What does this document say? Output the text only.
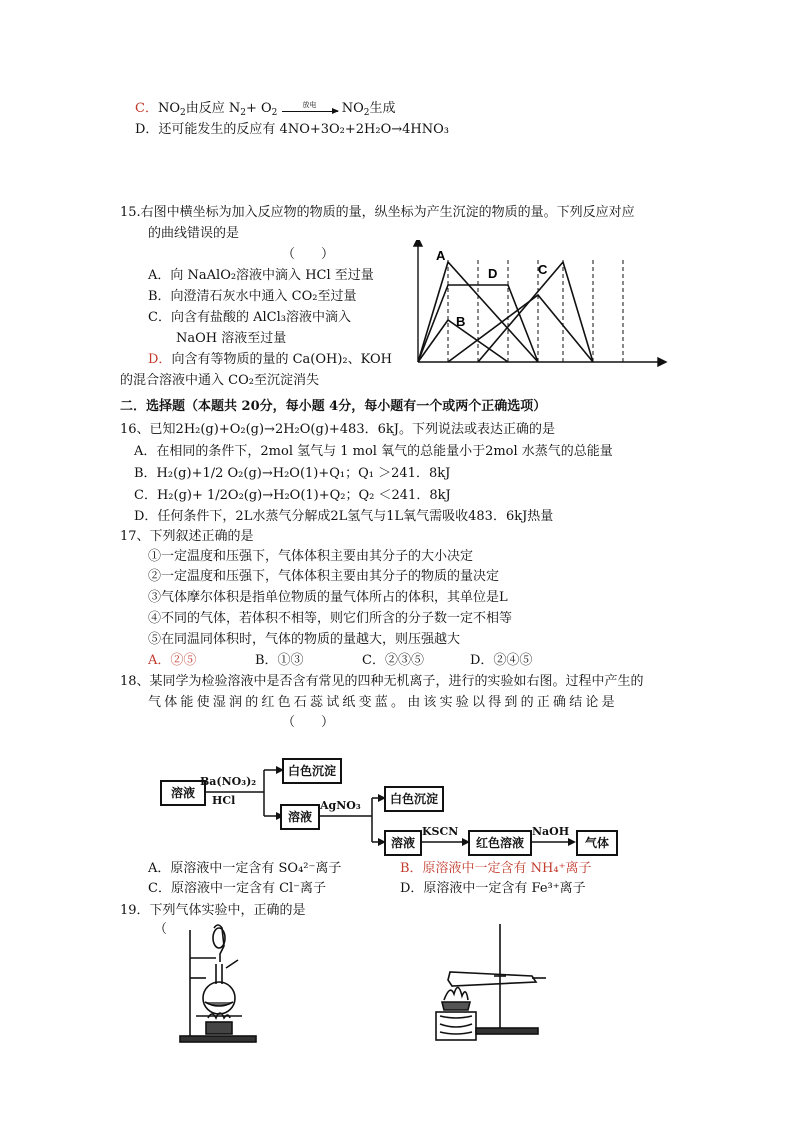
C．$NO_2$由反应 $N_2+ O_2$
放电	$NO_2$生成
D．还可能发生的反应有 4NO+3O₂+2H₂O→4HNO₃
15.右图中横坐标为加入反应物的物质的量，纵坐标为产生沉淀的物质的量。下列反应对应
的曲线错误的是
（　　）
A．向 NaAlO₂溶液中滴入 HCl 至过量
B．向澄清石灰水中通入 CO₂至过量
C．向含有盐酸的 AlCl₃溶液中滴入
NaOH 溶液至过量
D．向含有等物质的量的 Ca(OH)₂、KOH
的混合溶液中通入 CO₂至沉淀消失
A
B
C
D
二．选择题（本题共 20分，每小题 4分，每小题有一个或两个正确选项）
16、已知2H₂(g)+O₂(g)→2H₂O(g)+483．6kJ。下列说法或表达正确的是
A．在相同的条件下，2mol 氢气与 1 mol 氧气的总能量小于2mol 水蒸气的总能量
B．H₂(g)+1/2 O₂(g)→H₂O(1)+Q₁；Q₁ ＞241．8kJ
C．H₂(g)+ 1/2O₂(g)→H₂O(1)+Q₂；Q₂ ＜241．8kJ
D．任何条件下，2L水蒸气分解成2L氢气与1L氧气需吸收483．6kJ热量
17、下列叙述正确的是
①一定温度和压强下，气体体积主要由其分子的大小决定
②一定温度和压强下，气体体积主要由其分子的物质的量决定
③气体摩尔体积是指单位物质的量气体所占的体积，其单位是L
④不同的气体，若体积不相等，则它们所含的分子数一定不相等
⑤在同温同体积时，气体的物质的量越大，则压强越大
A．②⑤	B．①③	C．②③⑤	D．②④⑤
18、某同学为检验溶液中是否含有常见的四种无机离子，进行的实验如右图。过程中产生的
气体能使湿润的红色石蕊试纸变蓝。由该实验以得到的正确结论是
（　　）
溶液
Ba(NO₃)₂
HCl
白色沉淀
溶液
AgNO₃	白色沉淀
溶液
KSCN
红色溶液
NaOH
气体
A．原溶液中一定含有 SO₄²⁻离子	B．原溶液中一定含有 NH₄⁺离子
C．原溶液中一定含有 Cl⁻离子	D．原溶液中一定含有 Fe³⁺离子
19．下列气体实验中，正确的是
（
